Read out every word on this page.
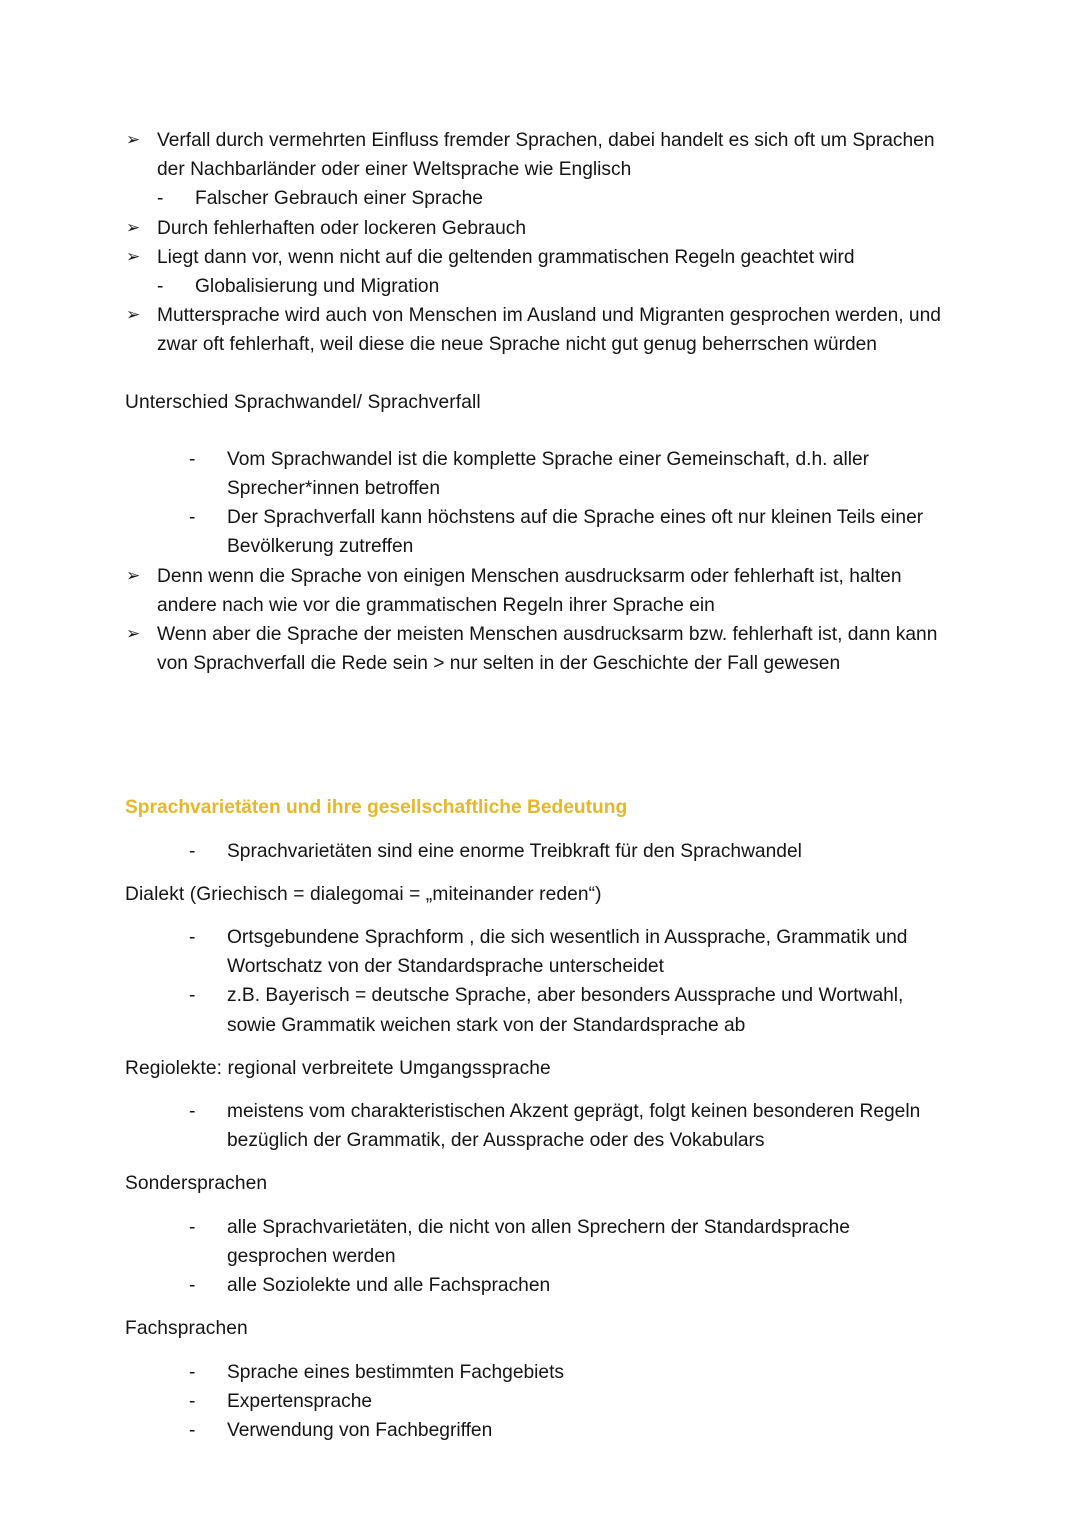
➢ Verfall durch vermehrten Einfluss fremder Sprachen, dabei handelt es sich oft um Sprachen der Nachbarländer oder einer Weltsprache wie Englisch
- Falscher Gebrauch einer Sprache
➢ Durch fehlerhaften oder lockeren Gebrauch
➢ Liegt dann vor, wenn nicht auf die geltenden grammatischen Regeln geachtet wird
- Globalisierung und Migration
➢ Muttersprache wird auch von Menschen im Ausland und Migranten gesprochen werden, und zwar oft fehlerhaft, weil diese die neue Sprache nicht gut genug beherrschen würden

Unterschied Sprachwandel/ Sprachverfall

- Vom Sprachwandel ist die komplette Sprache einer Gemeinschaft, d.h. aller Sprecher*innen betroffen
- Der Sprachverfall kann höchstens auf die Sprache eines oft nur kleinen Teils einer Bevölkerung zutreffen
➢ Denn wenn die Sprache von einigen Menschen ausdrucksarm oder fehlerhaft ist, halten andere nach wie vor die grammatischen Regeln ihrer Sprache ein
➢ Wenn aber die Sprache der meisten Menschen ausdrucksarm bzw. fehlerhaft ist, dann kann von Sprachverfall die Rede sein > nur selten in der Geschichte der Fall gewesen
Sprachvarietäten und ihre gesellschaftliche Bedeutung
- Sprachvarietäten sind eine enorme Treibkraft für den Sprachwandel

Dialekt (Griechisch = dialegomai = „miteinander reden“)

- Ortsgebundene Sprachform , die sich wesentlich in Aussprache, Grammatik und Wortschatz von der Standardsprache unterscheidet
- z.B. Bayerisch = deutsche Sprache, aber besonders Aussprache und Wortwahl, sowie Grammatik weichen stark von der Standardsprache ab

Regiolekte: regional verbreitete Umgangssprache

- meistens vom charakteristischen Akzent geprägt, folgt keinen besonderen Regeln bezüglich der Grammatik, der Aussprache oder des Vokabulars

Sondersprachen

- alle Sprachvarietäten, die nicht von allen Sprechern der Standardsprache gesprochen werden
- alle Soziolekte und alle Fachsprachen

Fachsprachen

- Sprache eines bestimmten Fachgebiets
- Expertensprache
- Verwendung von Fachbegriffen
